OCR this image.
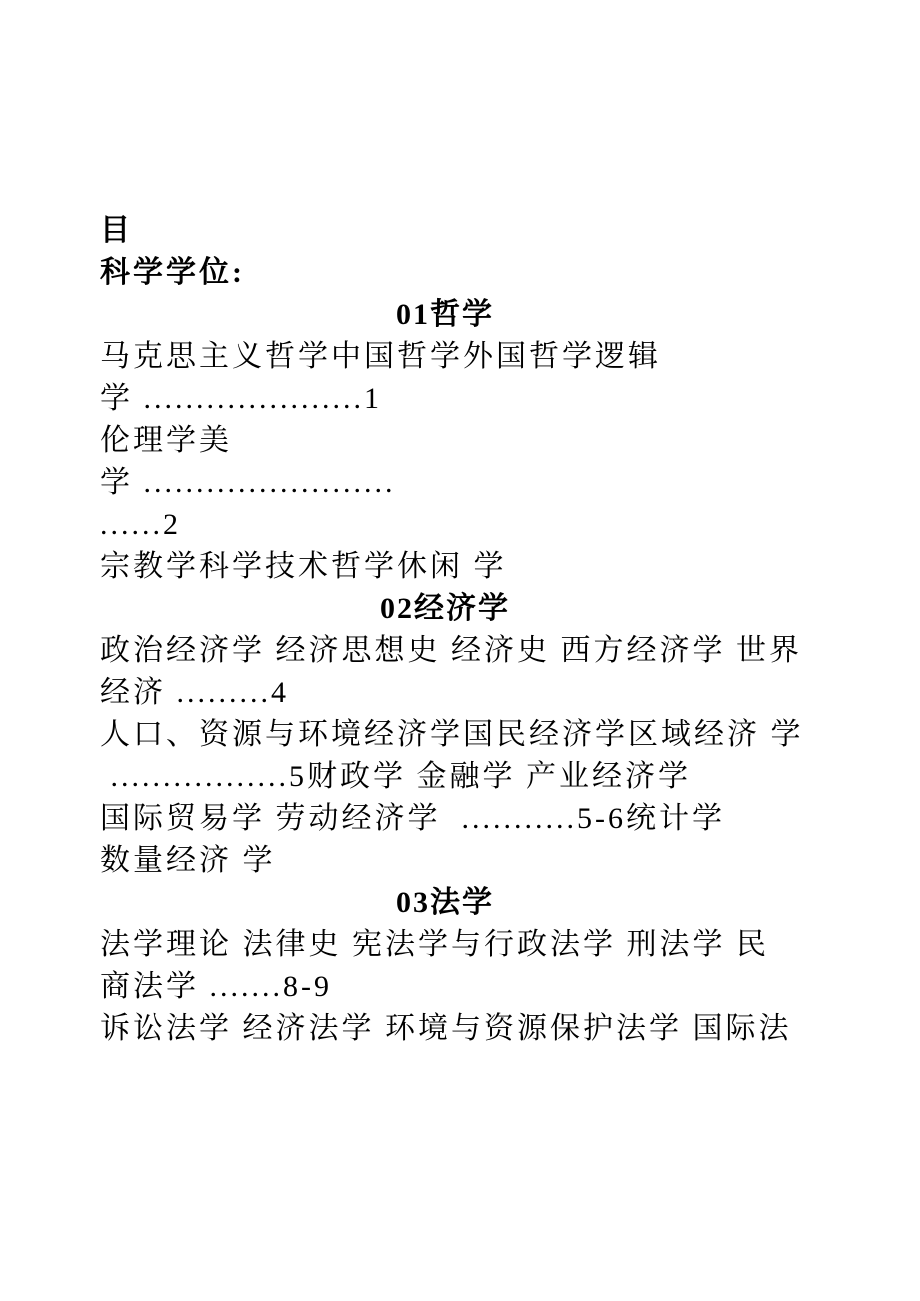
目
科学学位:
01哲学
马克思主义哲学中国哲学外国哲学逻辑
学 .....................1
伦理学美
学 ........................
......2
宗教学科学技术哲学休闲 学
02经济学
政治经济学 经济思想史 经济史 西方经济学 世界
经济 .........4
人口、资源与环境经济学国民经济学区域经济 学
.................5财政学 金融学 产业经济学
国际贸易学 劳动经济学  ...........5-6统计学
数量经济 学
03法学
法学理论 法律史 宪法学与行政法学 刑法学 民
商法学 .......8-9
诉讼法学 经济法学 环境与资源保护法学 国际法
